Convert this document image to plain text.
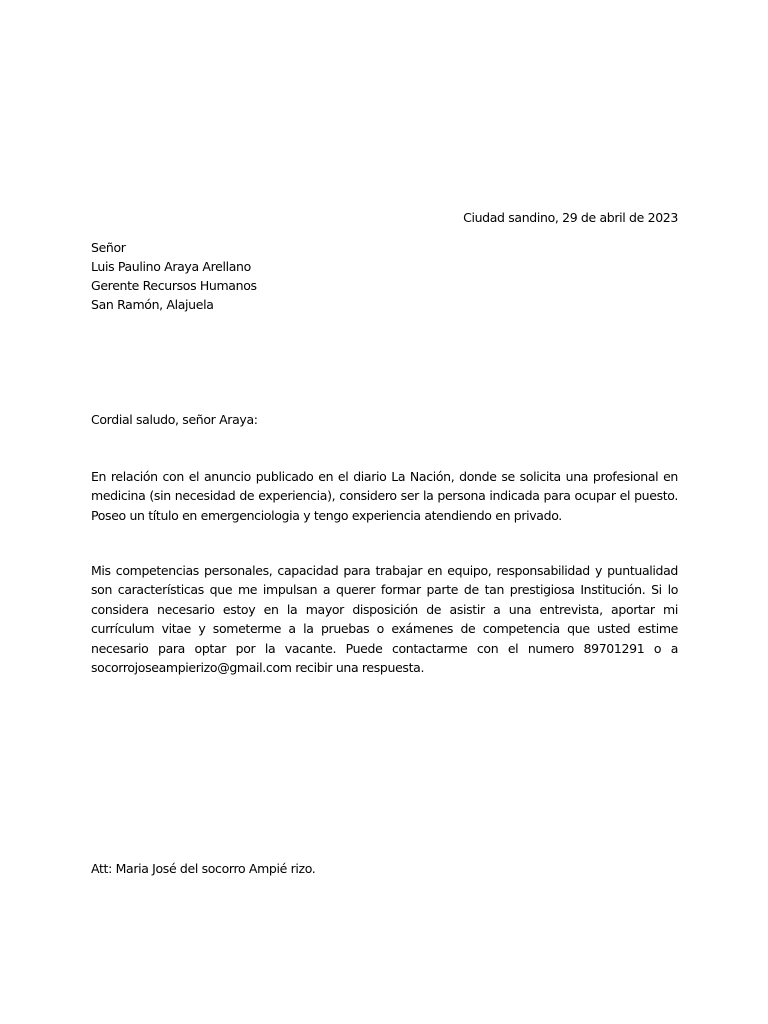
Ciudad sandino, 29 de abril de 2023
Señor
Luis Paulino Araya Arellano
Gerente Recursos Humanos
San Ramón, Alajuela
Cordial saludo, señor Araya:
En relación con el anuncio publicado en el diario La Nación, donde se solicita una profesional en medicina (sin necesidad de experiencia), considero ser la persona indicada para ocupar el puesto. Poseo un título en emergenciologia y tengo experiencia atendiendo en privado.
Mis competencias personales, capacidad para trabajar en equipo, responsabilidad y puntualidad son características que me impulsan a querer formar parte de tan prestigiosa Institución. Si lo considera necesario estoy en la mayor disposición de asistir a una entrevista, aportar mi currículum vitae y someterme a la pruebas o exámenes de competencia que usted estime necesario para optar por la vacante. Puede contactarme con el numero 89701291 o a socorrojoseampierizo@gmail.com recibir una respuesta.
Att: Maria José del socorro Ampié rizo.
